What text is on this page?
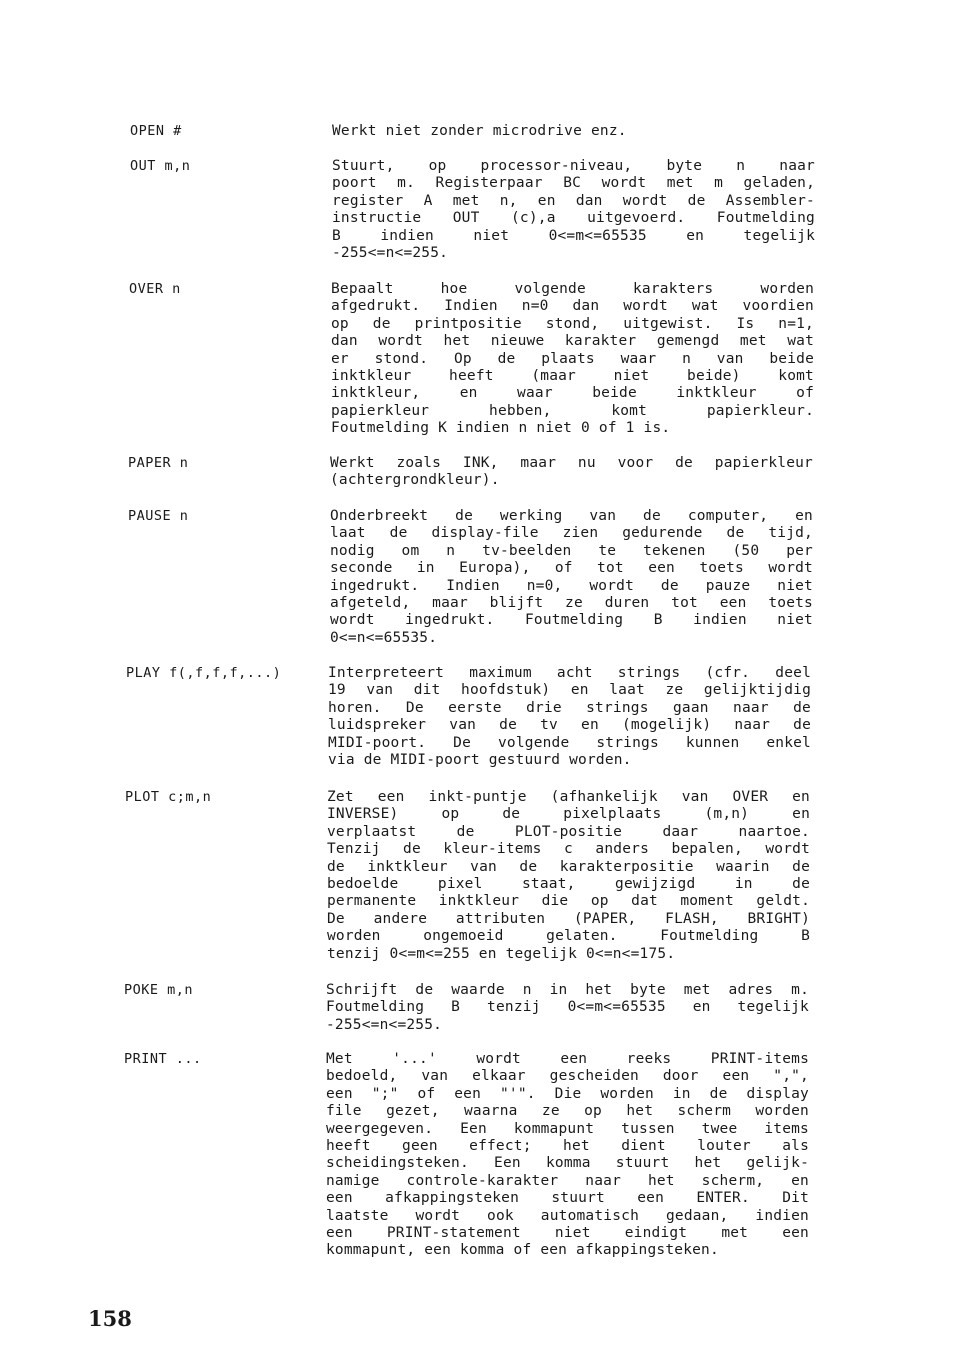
OPEN #	Werkt niet zonder microdrive enz.
OUT m,n	Stuurt, op processor-niveau, byte n naar
poort m. Registerpaar BC wordt met m geladen,
register A met n, en dan wordt de Assembler-
instructie OUT (c),a uitgevoerd. Foutmelding
B indien niet 0<=m<=65535 en tegelijk
-255<=n<=255.
OVER n	Bepaalt hoe volgende karakters worden
afgedrukt. Indien n=0 dan wordt wat voordien
op de printpositie stond, uitgewist. Is n=1,
dan wordt het nieuwe karakter gemengd met wat
er stond. Op de plaats waar n van beide
inktkleur heeft (maar niet beide) komt
inktkleur, en waar beide inktkleur of
papierkleur hebben, komt papierkleur.
Foutmelding K indien n niet 0 of 1 is.
PAPER n	Werkt zoals INK, maar nu voor de papierkleur
(achtergrondkleur).
PAUSE n	Onderbreekt de werking van de computer, en
laat de display-file zien gedurende de tijd,
nodig om n tv-beelden te tekenen (50 per
seconde in Europa), of tot een toets wordt
ingedrukt. Indien n=0, wordt de pauze niet
afgeteld, maar blijft ze duren tot een toets
wordt ingedrukt. Foutmelding B indien niet
0<=n<=65535.
PLAY f(,f,f,f,...)	Interpreteert maximum acht strings (cfr. deel
19 van dit hoofdstuk) en laat ze gelijktijdig
horen. De eerste drie strings gaan naar de
luidspreker van de tv en (mogelijk) naar de
MIDI-poort. De volgende strings kunnen enkel
via de MIDI-poort gestuurd worden.
PLOT c;m,n	Zet een inkt-puntje (afhankelijk van OVER en
INVERSE) op de pixelplaats (m,n) en
verplaatst de PLOT-positie daar naartoe.
Tenzij de kleur-items c anders bepalen, wordt
de inktkleur van de karakterpositie waarin de
bedoelde pixel staat, gewijzigd in de
permanente inktkleur die op dat moment geldt.
De andere attributen (PAPER, FLASH, BRIGHT)
worden ongemoeid gelaten. Foutmelding B
tenzij 0<=m<=255 en tegelijk 0<=n<=175.
POKE m,n	Schrijft de waarde n in het byte met adres m.
Foutmelding B tenzij 0<=m<=65535 en tegelijk
-255<=n<=255.
PRINT ...	Met '...' wordt een reeks PRINT-items
bedoeld, van elkaar gescheiden door een ",",
een ";" of een "'". Die worden in de display
file gezet, waarna ze op het scherm worden
weergegeven. Een kommapunt tussen twee items
heeft geen effect; het dient louter als
scheidingsteken. Een komma stuurt het gelijk-
namige controle-karakter naar het scherm, en
een afkappingsteken stuurt een ENTER. Dit
laatste wordt ook automatisch gedaan, indien
een PRINT-statement niet eindigt met een
kommapunt, een komma of een afkappingsteken.
158
